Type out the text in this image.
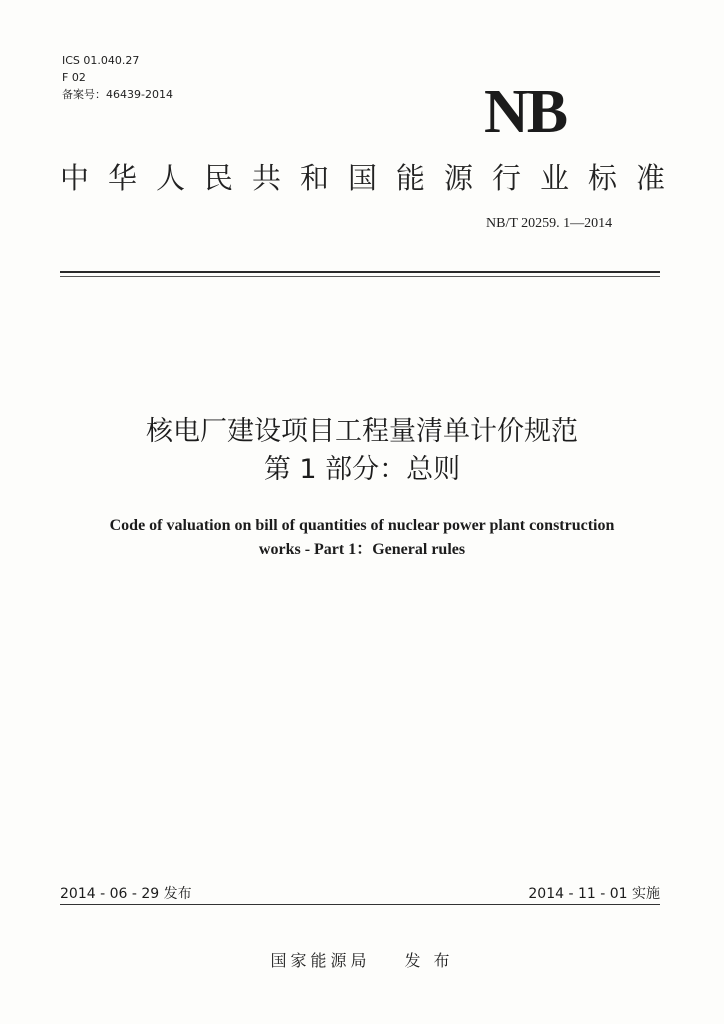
ICS 01.040.27
F 02
备案号：46439-2014	NB
中华人民共和国能源行业标准
NB/T 20259. 1—2014
核电厂建设项目工程量清单计价规范
第 1 部分：总则
Code of valuation on bill of quantities of nuclear power plant construction
works - Part 1：General rules
2014 - 06 - 29 发布	2014 - 11 - 01 实施
国家能源局 发 布
